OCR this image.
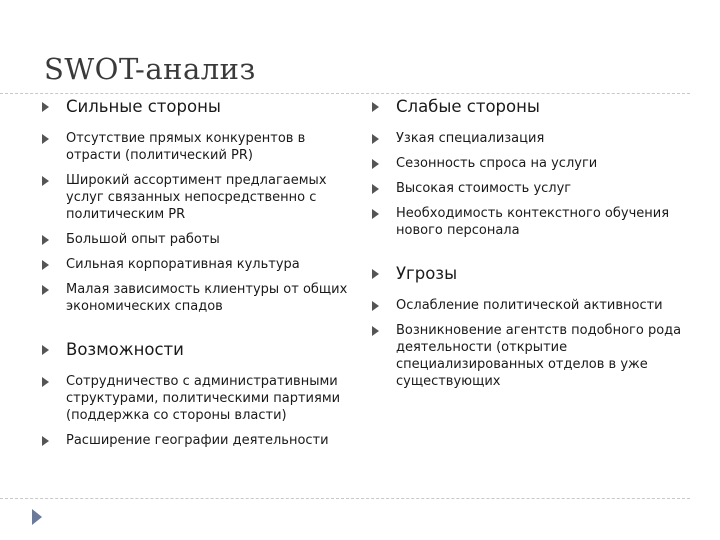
SWOT-анализ
Сильные стороны
Отсутствие прямых конкурентов в отрасти (политический PR)
Широкий ассортимент предлагаемых услуг связанных непосредственно с политическим PR
Большой опыт работы
Сильная корпоративная культура
Малая зависимость клиентуры от общих экономических спадов
Возможности
Сотрудничество с административными структурами, политическими партиями (поддержка со стороны власти)
Расширение географии деятельности
Слабые стороны
Узкая специализация
Сезонность спроса на услуги
Высокая стоимость услуг
Необходимость контекстного обучения нового персонала
Угрозы
Ослабление политической активности
Возникновение агентств подобного рода деятельности (открытие специализированных отделов в уже существующих
